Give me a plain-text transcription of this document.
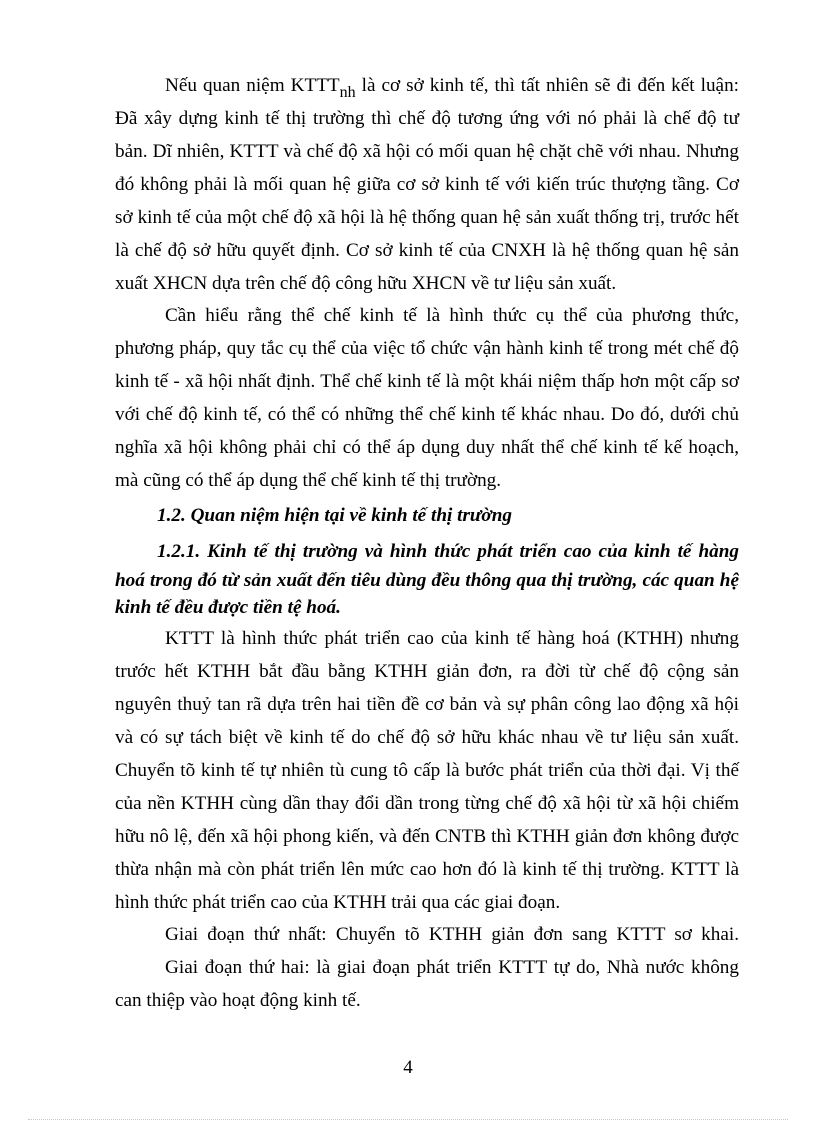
Nếu quan niệm $KTTT_{nh}$ là cơ sở kinh tế, thì tất nhiên sẽ đi đến kết luận:
Đã xây dựng kinh tế thị trường thì chế độ tương ứng với nó phải là chế độ tư
bản. Dĩ nhiên, KTTT và chế độ xã hội có mối quan hệ chặt chẽ với nhau. Nhưng
đó không phải là mối quan hệ giữa cơ sở kinh tế với kiến trúc thượng tầng. Cơ
sở kinh tế của một chế độ xã hội là hệ thống quan hệ sản xuất thống trị, trước hết
là chế độ sở hữu quyết định. Cơ sở kinh tế của CNXH là hệ thống quan hệ sản
xuất XHCN dựa trên chế độ công hữu XHCN về tư liệu sản xuất.
Cần hiểu rằng thể chế kinh tế là hình thức cụ thể của phương thức,
phương pháp, quy tắc cụ thể của việc tổ chức vận hành kinh tế trong mét chế độ
kinh tế - xã hội nhất định. Thể chế kinh tế là một khái niệm thấp hơn một cấp sơ
với chế độ kinh tế, có thể có những thể chế kinh tế khác nhau. Do đó, dưới chủ
nghĩa xã hội không phải chỉ có thể áp dụng duy nhất thể chế kinh tế kế hoạch,
mà cũng có thể áp dụng thể chế kinh tế thị trường.
1.2. Quan niệm hiện tại về kinh tế thị trường
1.2.1. Kinh tế thị trường và hình thức phát triển cao của kinh tế hàng
hoá trong đó từ sản xuất đến tiêu dùng đều thông qua thị trường, các quan hệ
kinh tế đều được tiền tệ hoá.
KTTT là hình thức phát triển cao của kinh tế hàng hoá (KTHH) nhưng
trước hết KTHH bắt đầu bằng KTHH giản đơn, ra đời từ chế độ cộng sản
nguyên thuỷ tan rã dựa trên hai tiền đề cơ bản và sự phân công lao động xã hội
và có sự tách biệt về kinh tế do chế độ sở hữu khác nhau về tư liệu sản xuất.
Chuyển tõ kinh tế tự nhiên tù cung tô cấp là bước phát triển của thời đại. Vị thế
của nền KTHH cùng dần thay đổi dần trong từng chế độ xã hội từ xã hội chiếm
hữu nô lệ, đến xã hội phong kiến, và đến CNTB thì KTHH giản đơn không được
thừa nhận mà còn phát triển lên mức cao hơn đó là kinh tế thị trường. KTTT là
hình thức phát triển cao của KTHH trải qua các giai đoạn.
Giai đoạn thứ nhất: Chuyển tõ KTHH giản đơn sang KTTT sơ khai.
Giai đoạn thứ hai: là giai đoạn phát triển KTTT tự do, Nhà nước không
can thiệp vào hoạt động kinh tế.
4
